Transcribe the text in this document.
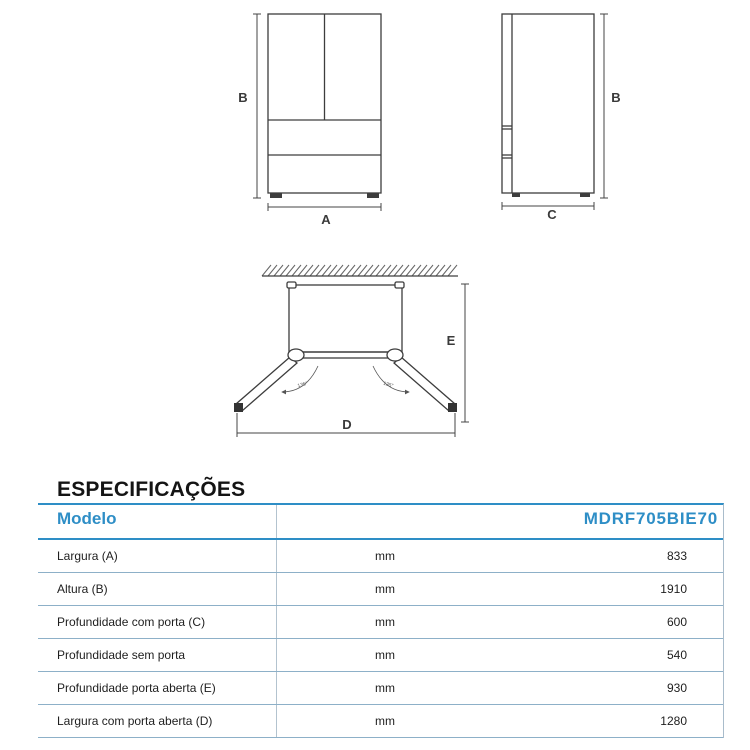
B
A
B
C
135°	135°
E
D
ESPECIFICAÇÕES
Modelo	MDRF705BIE70
Largura (A)	mm	833
Altura (B)	mm	1910
Profundidade com porta (C)	mm	600
Profundidade sem porta	mm	540
Profundidade porta aberta (E)	mm	930
Largura com porta aberta (D)	mm	1280
